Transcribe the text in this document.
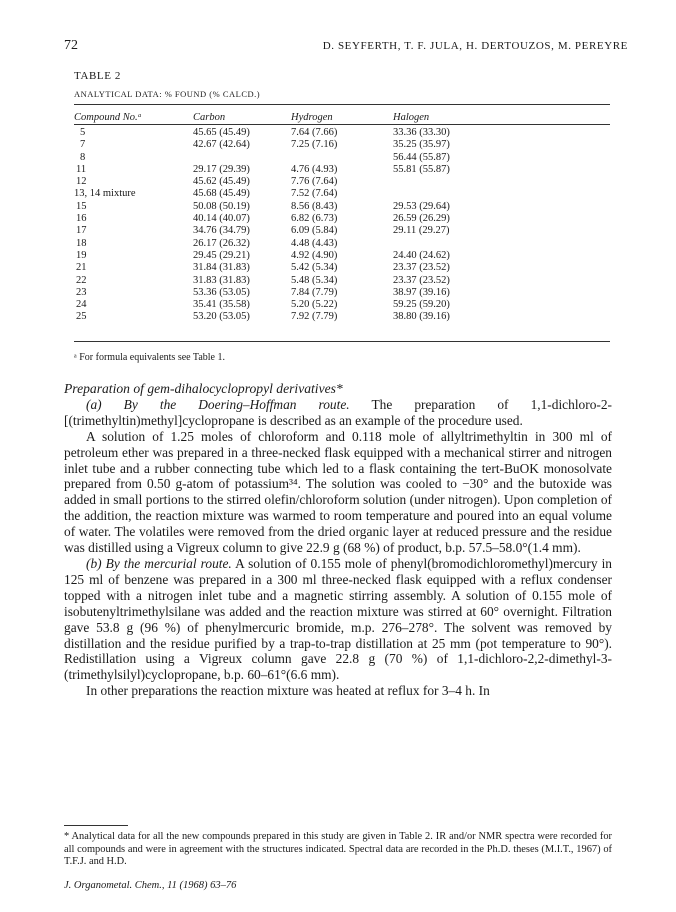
72	D. SEYFERTH, T. F. JULA, H. DERTOUZOS, M. PEREYRE
TABLE 2
ANALYTICAL DATA: % FOUND (% CALCD.)
Compound No.ᵃ	Carbon	Hydrogen	Halogen
5	45.65 (45.49)	7.64 (7.66)	33.36 (33.30)
7	42.67 (42.64)	7.25 (7.16)	35.25 (35.97)
8			56.44 (55.87)
11	29.17 (29.39)	4.76 (4.93)	55.81 (55.87)
12	45.62 (45.49)	7.76 (7.64)	
13, 14 mixture	45.68 (45.49)	7.52 (7.64)	
15	50.08 (50.19)	8.56 (8.43)	29.53 (29.64)
16	40.14 (40.07)	6.82 (6.73)	26.59 (26.29)
17	34.76 (34.79)	6.09 (5.84)	29.11 (29.27)
18	26.17 (26.32)	4.48 (4.43)	
19	29.45 (29.21)	4.92 (4.90)	24.40 (24.62)
21	31.84 (31.83)	5.42 (5.34)	23.37 (23.52)
22	31.83 (31.83)	5.48 (5.34)	23.37 (23.52)
23	53.36 (53.05)	7.84 (7.79)	38.97 (39.16)
24	35.41 (35.58)	5.20 (5.22)	59.25 (59.20)
25	53.20 (53.05)	7.92 (7.79)	38.80 (39.16)
ᵃ For formula equivalents see Table 1.

Preparation of gem-dihalocyclopropyl derivatives*

(a) By the Doering–Hoffman route. The preparation of 1,1-dichloro-2-[(trimethyltin)methyl]cyclopropane is described as an example of the procedure used.

A solution of 1.25 moles of chloroform and 0.118 mole of allyltrimethyltin in 300 ml of petroleum ether was prepared in a three-necked flask equipped with a mechanical stirrer and nitrogen inlet tube and a rubber connecting tube which led to a flask containing the tert-BuOK monosolvate prepared from 0.50 g-atom of potassium³⁴. The solution was cooled to −30° and the butoxide was added in small portions to the stirred olefin/chloroform solution (under nitrogen). Upon completion of the addition, the reaction mixture was warmed to room temperature and poured into an equal volume of water. The volatiles were removed from the dried organic layer at reduced pressure and the residue was distilled using a Vigreux column to give 22.9 g (68 %) of product, b.p. 57.5–58.0°(1.4 mm).

(b) By the mercurial route. A solution of 0.155 mole of phenyl(bromodichloromethyl)mercury in 125 ml of benzene was prepared in a 300 ml three-necked flask equipped with a reflux condenser topped with a nitrogen inlet tube and a magnetic stirring assembly. A solution of 0.155 mole of isobutenyltrimethylsilane was added and the reaction mixture was stirred at 60° overnight. Filtration gave 53.8 g (96 %) of phenylmercuric bromide, m.p. 276–278°. The solvent was removed by distillation and the residue purified by a trap-to-trap distillation at 25 mm (pot temperature to 90°). Redistillation using a Vigreux column gave 22.8 g (70 %) of 1,1-dichloro-2,2-dimethyl-3-(trimethylsilyl)cyclopropane, b.p. 60–61°(6.6 mm).

In other preparations the reaction mixture was heated at reflux for 3–4 h. In

* Analytical data for all the new compounds prepared in this study are given in Table 2. IR and/or NMR spectra were recorded for all compounds and were in agreement with the structures indicated. Spectral data are recorded in the Ph.D. theses (M.I.T., 1967) of T.F.J. and H.D.
J. Organometal. Chem., 11 (1968) 63–76
